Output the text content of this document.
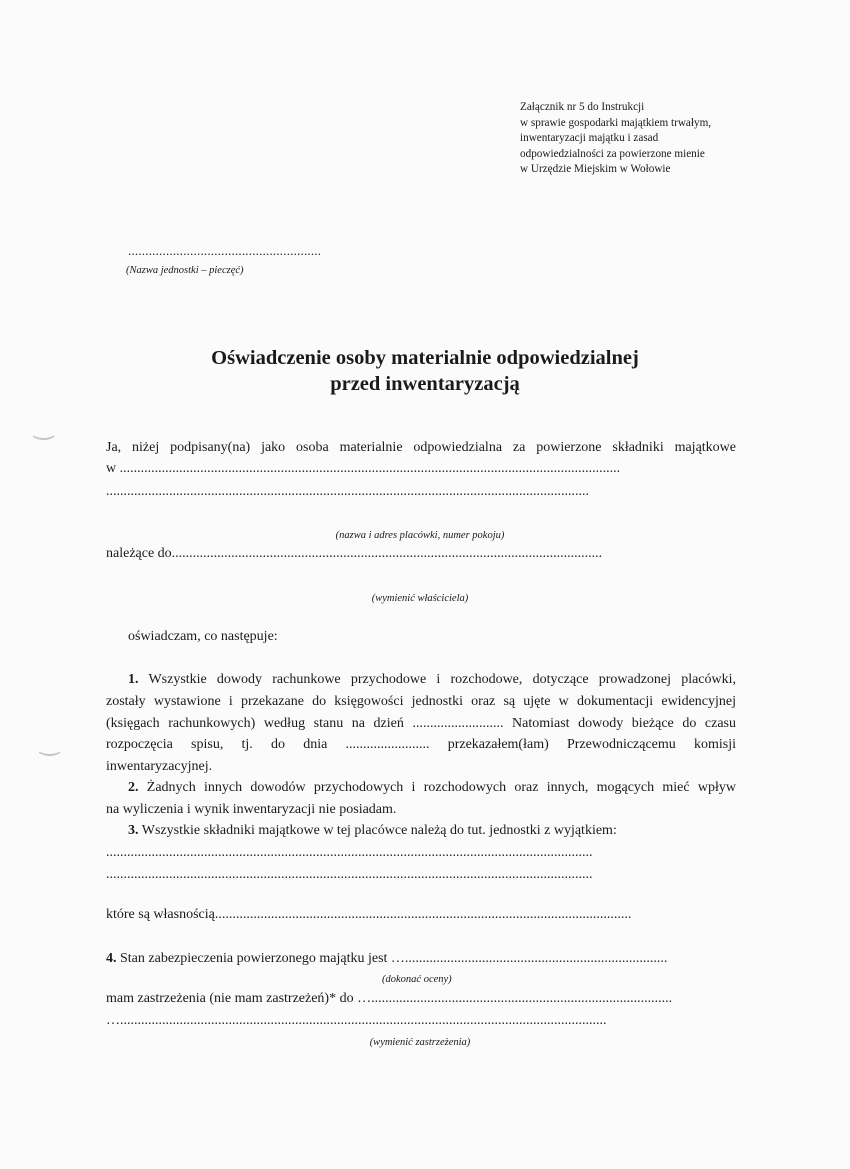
‿
‿
Załącznik nr 5 do Instrukcji
w sprawie gospodarki majątkiem trwałym,
inwentaryzacji majątku i zasad
odpowiedzialności za powierzone mienie
w Urzędzie Miejskim w Wołowie
........................................................
(Nazwa jednostki – pieczęć)
Oświadczenie osoby materialnie odpowiedzialnej
przed inwentaryzacją
Ja, niżej podpisany(na) jako osoba materialnie odpowiedzialna za powierzone składniki majątkowe
w ...............................................................................................................................................
..........................................................................................................................................
(nazwa i adres placówki, numer pokoju)
należące do...........................................................................................................................
(wymienić właściciela)
oświadczam, co następuje:
1. Wszystkie dowody rachunkowe przychodowe i rozchodowe, dotyczące prowadzonej placówki,
zostały wystawione i przekazane do księgowości jednostki oraz są ujęte w dokumentacji ewidencyjnej
(księgach rachunkowych) według stanu na dzień .......................... Natomiast dowody bieżące do czasu
rozpoczęcia spisu, tj. do dnia ........................ przekazałem(łam) Przewodniczącemu komisji
inwentaryzacyjnej.
2. Żadnych innych dowodów przychodowych i rozchodowych oraz innych, mogących mieć wpływ
na wyliczenia i wynik inwentaryzacji nie posiadam.
3. Wszystkie składniki majątkowe w tej placówce należą do tut. jednostki z wyjątkiem:
...........................................................................................................................................
...........................................................................................................................................
które są własnością.......................................................................................................................
4. Stan zabezpieczenia powierzonego majątku jest …...........................................................................
(dokonać oceny)
mam zastrzeżenia (nie mam zastrzeżeń)* do …......................................................................................
…...........................................................................................................................................
(wymienić zastrzeżenia)
